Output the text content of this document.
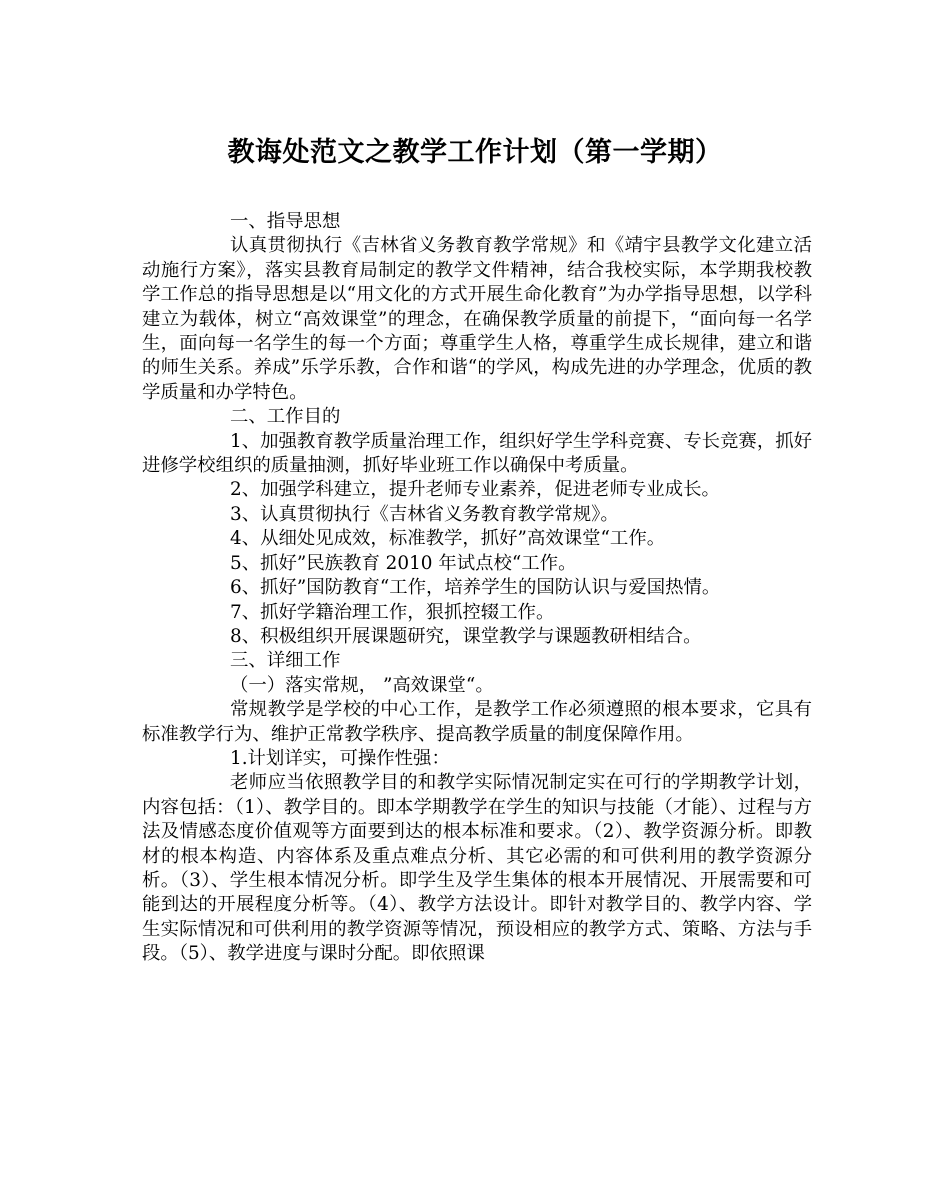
教诲处范文之教学工作计划（第一学期）

一、指导思想

认真贯彻执行《吉林省义务教育教学常规》和《靖宇县教学文化建立活动施行方案》，落实县教育局制定的教学文件精神，结合我校实际，本学期我校教学工作总的指导思想是以“用文化的方式开展生命化教育”为办学指导思想，以学科建立为载体，树立“高效课堂”的理念，在确保教学质量的前提下，“面向每一名学生，面向每一名学生的每一个方面；尊重学生人格，尊重学生成长规律，建立和谐的师生关系。养成”乐学乐教，合作和谐“的学风，构成先进的办学理念，优质的教学质量和办学特色。

二、工作目的

1、加强教育教学质量治理工作，组织好学生学科竞赛、专长竞赛，抓好进修学校组织的质量抽测，抓好毕业班工作以确保中考质量。

2、加强学科建立，提升老师专业素养，促进老师专业成长。

3、认真贯彻执行《吉林省义务教育教学常规》。

4、从细处见成效，标准教学，抓好”高效课堂“工作。

5、抓好”民族教育 2010 年试点校“工作。

6、抓好”国防教育“工作，培养学生的国防认识与爱国热情。

7、抓好学籍治理工作，狠抓控辍工作。

8、积极组织开展课题研究，课堂教学与课题教研相结合。

三、详细工作

（一）落实常规， ”高效课堂“。

常规教学是学校的中心工作，是教学工作必须遵照的根本要求，它具有标准教学行为、维护正常教学秩序、提高教学质量的制度保障作用。

1.计划详实，可操作性强：

老师应当依照教学目的和教学实际情况制定实在可行的学期教学计划，内容包括：（1）、教学目的。即本学期教学在学生的知识与技能（才能）、过程与方法及情感态度价值观等方面要到达的根本标准和要求。（2）、教学资源分析。即教材的根本构造、内容体系及重点难点分析、其它必需的和可供利用的教学资源分析。（3）、学生根本情况分析。即学生及学生集体的根本开展情况、开展需要和可能到达的开展程度分析等。（4）、教学方法设计。即针对教学目的、教学内容、学生实际情况和可供利用的教学资源等情况，预设相应的教学方式、策略、方法与手段。（5）、教学进度与课时分配。即依照课
